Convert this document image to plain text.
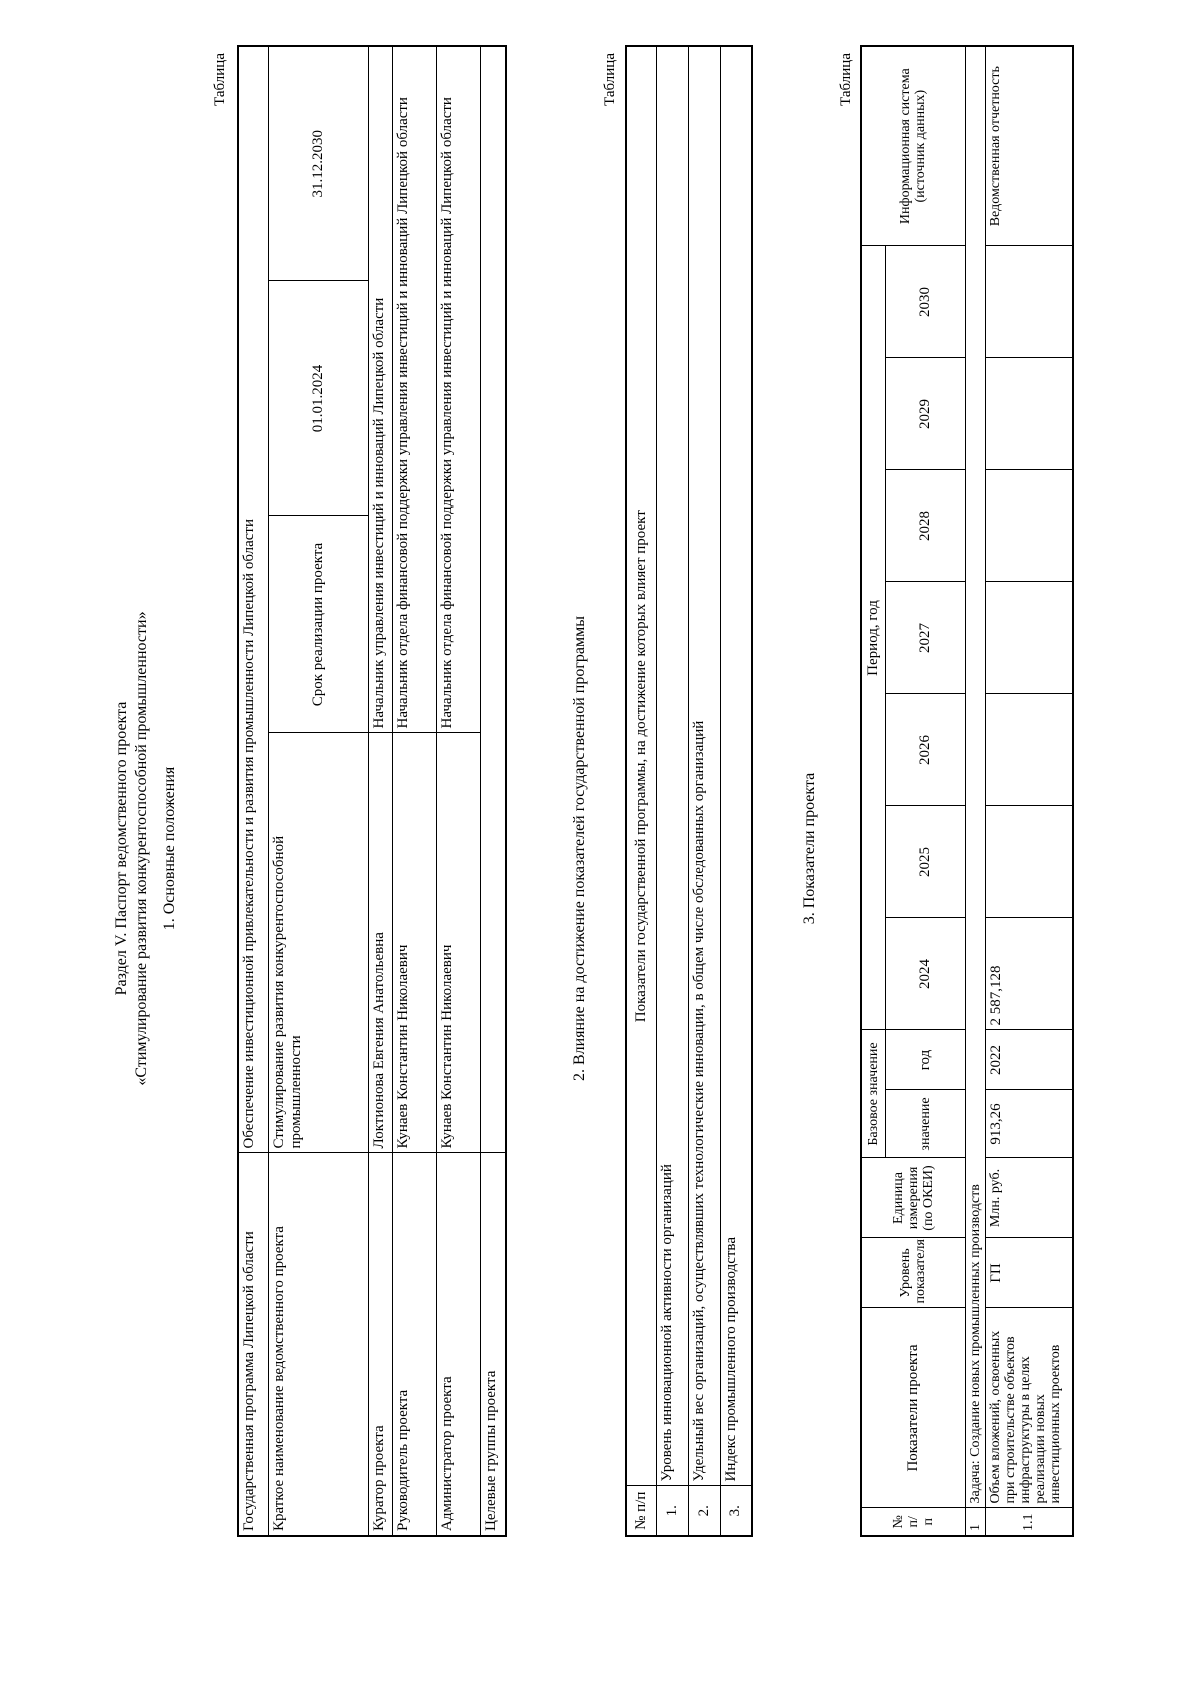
Раздел V. Паспорт ведомственного проекта «Стимулирование развития конкурентоспособной промышленности» 1. Основные положения
Таблица
Государственная программа Липецкой области	Обеспечение инвестиционной привлекательности и развития промышленности Липецкой области			
Краткое наименование ведомственного проекта	Стимулирование развития конкурентоспособной промышленности	Срок реализации проекта	01.01.2024	31.12.2030
Куратор проекта	Локтионова Евгения Анатольевна	Начальник управления инвестиций и инноваций Липецкой области		
Руководитель проекта	Кунаев Константин Николаевич	Начальник отдела финансовой поддержки управления инвестиций и инноваций Липецкой области		
Администратор проекта	Кунаев Константин Николаевич	Начальник отдела финансовой поддержки управления инвестиций и инноваций Липецкой области		
Целевые группы проекта				
2. Влияние на достижение показателей государственной программы
Таблица
№ п/п	Показатели государственной программы, на достижение которых влияет проект
1.	Уровень инновационной активности организаций
2.	Удельный вес организаций, осуществлявших технологические инновации, в общем числе обследованных организаций
3.	Индекс промышленного производства
3. Показатели проекта
Таблица
№ п/п	Показатели проекта	Уровень показателя	Единица измерения (по ОКЕИ)	Базовое значение		Период, год							Информационная система (источник данных)
				значение	год	2024	2025	2026	2027	2028	2029	2030	
1	Задача: Создание новых промышленных производств												
1.1	Объем вложений, освоенных при строительстве объектов инфраструктуры в целях реализации новых инвестиционных проектов	ГП	Млн. руб.	913,26	2022	2 587,128							Ведомственная отчетность
